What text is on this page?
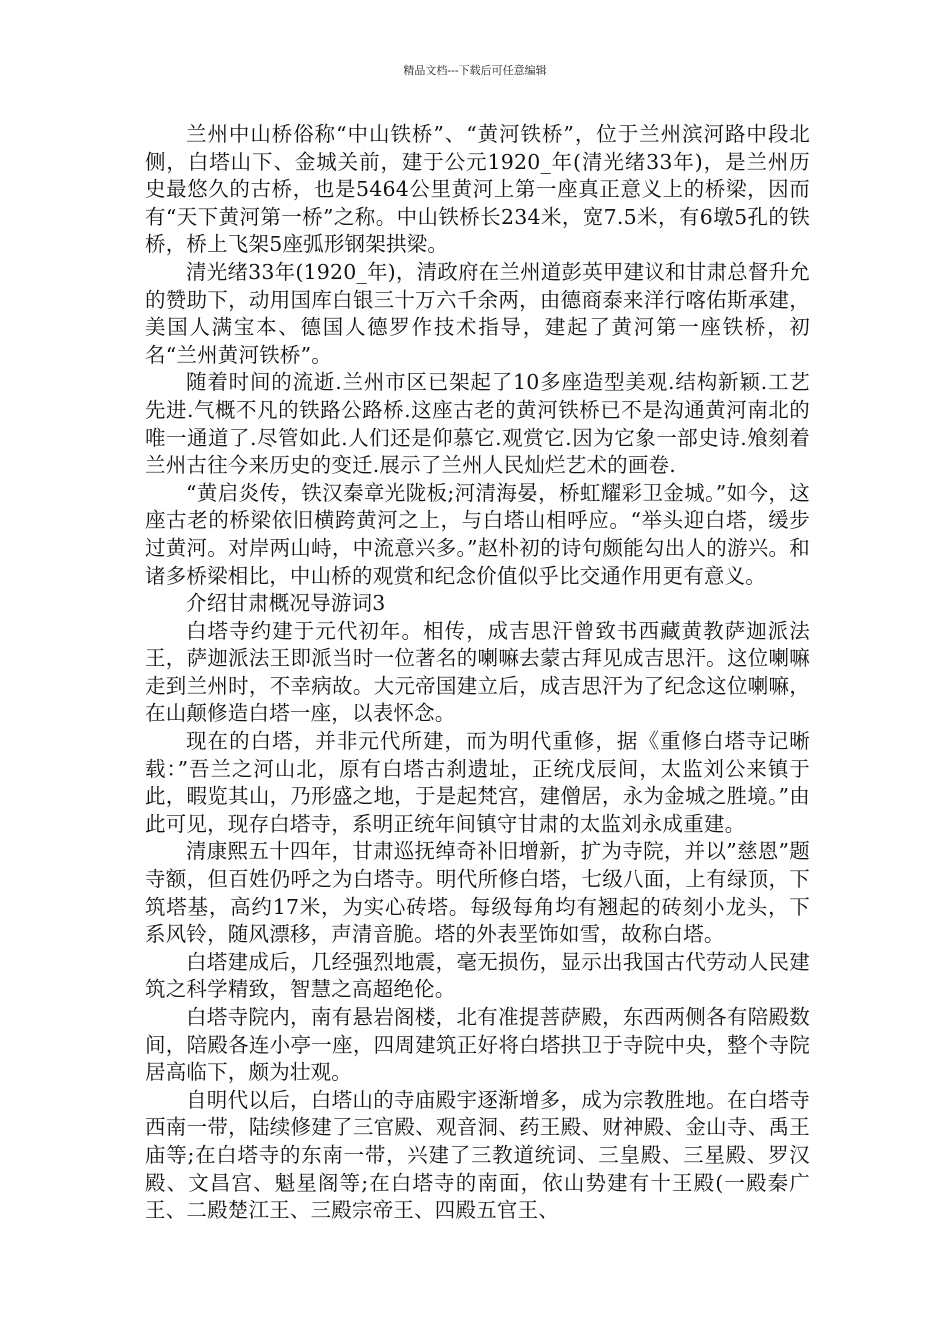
精品文档---下载后可任意编辑

兰州中山桥俗称“中山铁桥”、“黄河铁桥”，位于兰州滨河路中段北侧，白塔山下、金城关前，建于公元1920_年(清光绪33年)，是兰州历史最悠久的古桥，也是5464公里黄河上第一座真正意义上的桥梁，因而有“天下黄河第一桥”之称。中山铁桥长234米，宽7.5米，有6墩5孔的铁桥，桥上飞架5座弧形钢架拱梁。

清光绪33年(1920_年)，清政府在兰州道彭英甲建议和甘肃总督升允的赞助下，动用国库白银三十万六千余两，由德商泰来洋行喀佑斯承建，美国人满宝本、德国人德罗作技术指导，建起了黄河第一座铁桥，初名“兰州黄河铁桥”。

随着时间的流逝.兰州市区已架起了10多座造型美观.结构新颖.工艺先进.气概不凡的铁路公路桥.这座古老的黄河铁桥已不是沟通黄河南北的唯一通道了.尽管如此.人们还是仰慕它.观赏它.因为它象一部史诗.飧刻着兰州古往今来历史的变迁.展示了兰州人民灿烂艺术的画卷.

“黄启炎传，铁汉秦章光陇板;河清海晏，桥虹耀彩卫金城。”如今，这座古老的桥梁依旧横跨黄河之上，与白塔山相呼应。“举头迎白塔，缓步过黄河。对岸两山峙，中流意兴多。”赵朴初的诗句颇能勾出人的游兴。和诸多桥梁相比，中山桥的观赏和纪念价值似乎比交通作用更有意义。

介绍甘肃概况导游词3

白塔寺约建于元代初年。相传，成吉思汗曾致书西藏黄教萨迦派法王，萨迦派法王即派当时一位著名的喇嘛去蒙古拜见成吉思汗。这位喇嘛走到兰州时，不幸病故。大元帝国建立后，成吉思汗为了纪念这位喇嘛，在山颠修造白塔一座，以表怀念。

现在的白塔，并非元代所建，而为明代重修，据《重修白塔寺记晰载：”吾兰之河山北，原有白塔古刹遗址，正统戊辰间，太监刘公来镇于此，暇览其山，乃形盛之地，于是起梵宫，建僧居，永为金城之胜境。”由此可见，现存白塔寺，系明正统年间镇守甘肃的太监刘永成重建。

清康熙五十四年，甘肃巡抚绰奇补旧增新，扩为寺院，并以”慈恩”题寺额，但百姓仍呼之为白塔寺。明代所修白塔，七级八面，上有绿顶，下筑塔基，高约17米，为实心砖塔。每级每角均有翘起的砖刻小龙头，下系风铃，随风漂移，声清音脆。塔的外表垩饰如雪，故称白塔。

白塔建成后，几经强烈地震，毫无损伤，显示出我国古代劳动人民建筑之科学精致，智慧之高超绝伦。

白塔寺院内，南有悬岩阁楼，北有准提菩萨殿，东西两侧各有陪殿数间，陪殿各连小亭一座，四周建筑正好将白塔拱卫于寺院中央，整个寺院居高临下，颇为壮观。

自明代以后，白塔山的寺庙殿宇逐渐增多，成为宗教胜地。在白塔寺西南一带，陆续修建了三官殿、观音洞、药王殿、财神殿、金山寺、禹王庙等;在白塔寺的东南一带，兴建了三教道统词、三皇殿、三星殿、罗汉殿、文昌宫、魁星阁等;在白塔寺的南面，依山势建有十王殿(一殿秦广王、二殿楚江王、三殿宗帝王、四殿五官王、
